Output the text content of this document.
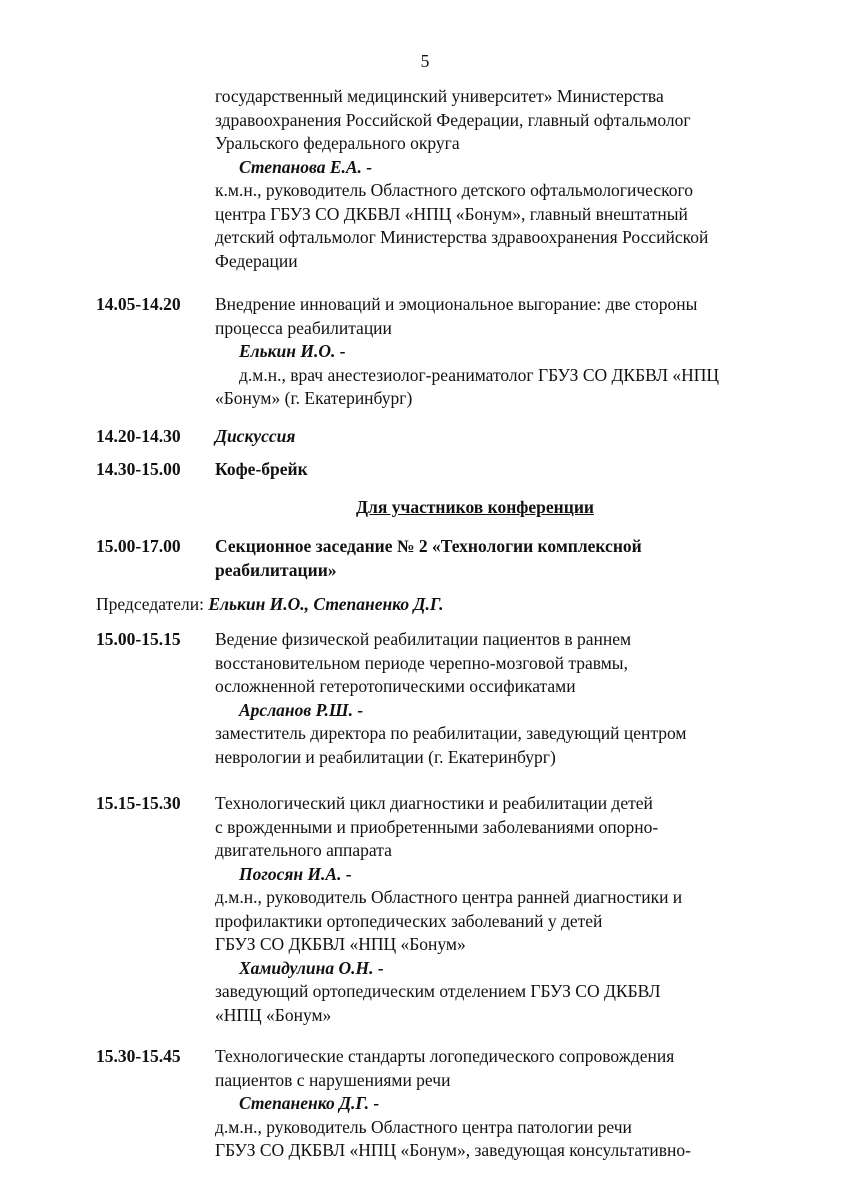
5
государственный медицинский университет» Министерства
здравоохранения Российской Федерации, главный офтальмолог
Уральского федерального округа
Степанова Е.А. -
к.м.н., руководитель Областного детского офтальмологического
центра ГБУЗ СО ДКБВЛ «НПЦ «Бонум», главный внештатный
детский офтальмолог Министерства здравоохранения Российской
Федерации
14.05-14.20 Внедрение инноваций и эмоциональное выгорание: две стороны
процесса реабилитации
Елькин И.О. -
д.м.н., врач анестезиолог-реаниматолог ГБУЗ СО ДКБВЛ «НПЦ
«Бонум» (г. Екатеринбург)
14.20-14.30 Дискуссия
14.30-15.00 Кофе-брейк
Для участников конференции
15.00-17.00 Секционное заседание № 2 «Технологии комплексной
реабилитации»
Председатели: Елькин И.О., Степаненко Д.Г.
15.00-15.15 Ведение физической реабилитации пациентов в раннем
восстановительном периоде черепно-мозговой травмы,
осложненной гетеротопическими оссификатами
Арсланов Р.Ш. -
заместитель директора по реабилитации, заведующий центром
неврологии и реабилитации (г. Екатеринбург)
15.15-15.30 Технологический цикл диагностики и реабилитации детей
с врожденными и приобретенными заболеваниями опорно-
двигательного аппарата
Погосян И.А. -
д.м.н., руководитель Областного центра ранней диагностики и
профилактики ортопедических заболеваний у детей
ГБУЗ СО ДКБВЛ «НПЦ «Бонум»
Хамидулина О.Н. -
заведующий ортопедическим отделением ГБУЗ СО ДКБВЛ
«НПЦ «Бонум»
15.30-15.45 Технологические стандарты логопедического сопровождения
пациентов с нарушениями речи
Степаненко Д.Г. -
д.м.н., руководитель Областного центра патологии речи
ГБУЗ СО ДКБВЛ «НПЦ «Бонум», заведующая консультативно-
